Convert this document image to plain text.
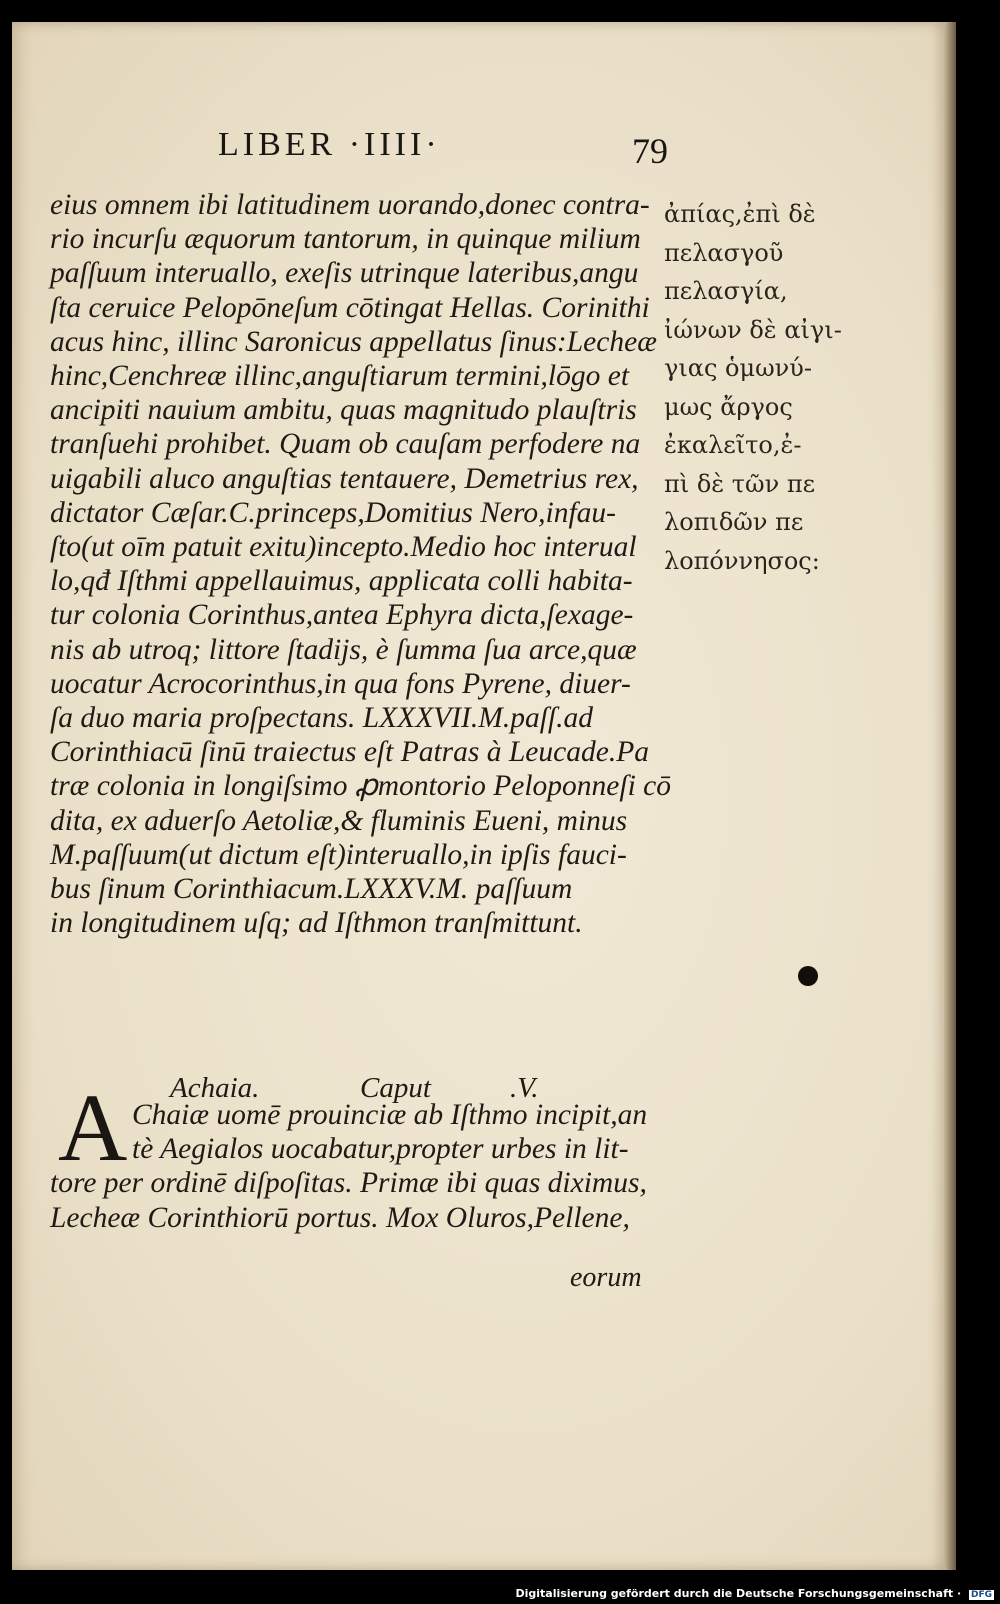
LIBER ·IIII·	79
eius omnem ibi latitudinem uorando,donec contra-
rio incurſu æquorum tantorum, in quinque milium
paſſuum interuallo, exeſis utrinque lateribus,angu
ſta ceruice Pelopōneſum cōtingat Hellas. Corinithi
acus hinc, illinc Saronicus appellatus ſinus:Lecheæ
hinc,Cenchreæ illinc,anguſtiarum termini,lōgo et
ancipiti nauium ambitu, quas magnitudo plauſtris
tranſuehi prohibet. Quam ob cauſam perfodere na
uigabili aluco anguſtias tentauere, Demetrius rex,
dictator Cæſar.C.princeps,Domitius Nero,infau-
ſto(ut oīm patuit exitu)incepto.Medio hoc interual
lo,qđ Iſthmi appellauimus, applicata colli habita-
tur colonia Corinthus,antea Ephyra dicta,ſexage-
nis ab utroq; littore ſtadijs, è ſumma ſua arce,quæ
uocatur Acrocorinthus,in qua fons Pyrene, diuer-
ſa duo maria proſpectans. LXXXVII.M.paſſ.ad
Corinthiacū ſinū traiectus eſt Patras à Leucade.Pa
træ colonia in longiſsimo ꝓmontorio Peloponneſi cō
dita, ex aduerſo Aetoliæ,& fluminis Eueni, minus
M.paſſuum(ut dictum eſt)interuallo,in ipſis fauci-
bus ſinum Corinthiacum.LXXXV.M. paſſuum
in longitudinem uſq; ad Iſthmon tranſmittunt.
Achaia.	Caput	.V.
A Chaiæ uomē prouinciæ ab Iſthmo incipit,an
tè Aegialos uocabatur,propter urbes in lit-
tore per ordinē diſpoſitas. Primæ ibi quas diximus,
Lecheæ Corinthiorū portus. Mox Oluros,Pellene,
eorum
ἀπίας,ἐπὶ δὲ
πελασγοῦ
πελασγία,
ἰώνων δὲ αἰγι-
γιας ὁμωνύ-
μως ἄργος
ἐκαλεῖτο,ἐ-
πὶ δὲ τῶν πε
λοπιδῶν πε
λοπόννησος:
Digitalisierung gefördert durch die Deutsche Forschungsgemeinschaft · DFG
